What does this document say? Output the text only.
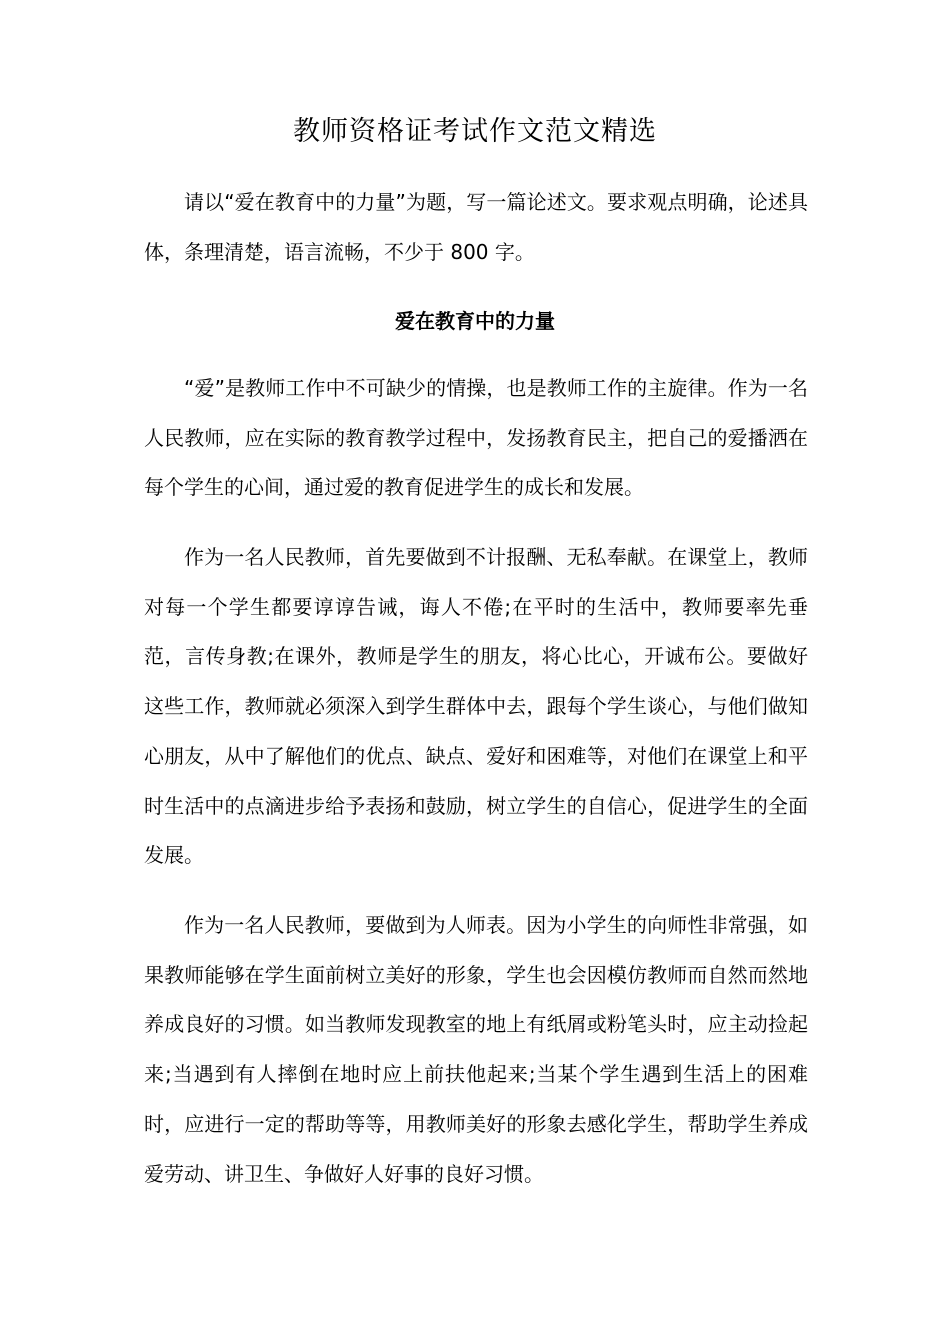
教师资格证考试作文范文精选

请以“爱在教育中的力量”为题，写一篇论述文。要求观点明确，论述具体，条理清楚，语言流畅，不少于 800 字。

爱在教育中的力量

“爱”是教师工作中不可缺少的情操，也是教师工作的主旋律。作为一名人民教师，应在实际的教育教学过程中，发扬教育民主，把自己的爱播洒在每个学生的心间，通过爱的教育促进学生的成长和发展。

作为一名人民教师，首先要做到不计报酬、无私奉献。在课堂上，教师对每一个学生都要谆谆告诫，诲人不倦;在平时的生活中，教师要率先垂范，言传身教;在课外，教师是学生的朋友，将心比心，开诚布公。要做好这些工作，教师就必须深入到学生群体中去，跟每个学生谈心，与他们做知心朋友，从中了解他们的优点、缺点、爱好和困难等，对他们在课堂上和平时生活中的点滴进步给予表扬和鼓励，树立学生的自信心，促进学生的全面发展。

作为一名人民教师，要做到为人师表。因为小学生的向师性非常强，如果教师能够在学生面前树立美好的形象，学生也会因模仿教师而自然而然地养成良好的习惯。如当教师发现教室的地上有纸屑或粉笔头时，应主动捡起来;当遇到有人摔倒在地时应上前扶他起来;当某个学生遇到生活上的困难时，应进行一定的帮助等等，用教师美好的形象去感化学生，帮助学生养成爱劳动、讲卫生、争做好人好事的良好习惯。
